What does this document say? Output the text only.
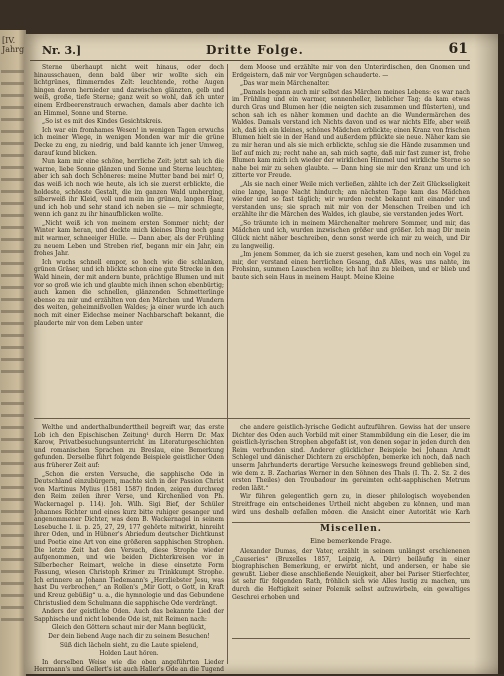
[IV. Jahrg Nr. 3.]	Dritte Folge.	61

Sterne überhaupt nicht weit hinaus, oder doch hinausschauen, denn bald über wir wollte sich ein lichtgrünes, flimmerndes Zelt: leuchtende, rothe Augen hingen davon hernieder und dazwischen glänzten, gelb und weiß, große, tiefe Sterne; ganz weit so wohl, daß ich unter einem Erdbeerenstrauch erwachen, damals aber dachte ich an Himmel, Sonne und Sterne.

„So ist es mit des Kindes Gesichtskreis.

Ich war ein fromhames Wesen! in wenigen Tagen erwuchs ich meiner Wiege, in wenigen Monden war mir die grüne Decke zu eng, zu niedrig, und bald kannte ich jener Umweg, darauf kund blicken.

Nun kam mir eine schöne, herrliche Zeit: jetzt sah ich die warme, liebe Sonne glänzen und Sonne und Sterne leuchten; aber ich sah doch Schöneres: meine Mutter band bei mir! O, das weiß ich noch wie heute, als ich sie zuerst erblickte, die holdeste, schönste Gestalt, die im ganzen Wald umherging, silberweiß ihr Kleid, voll und mein im grünen, langen Haar, und ich hob und sehr stand ich neben sie — mir schmiegte, wenn ich ganz zu ihr hinaufblicken wollte.

„Nicht weiß ich von meinem ersten Sommer nicht; der Winter kam heran, und deckte mich kleines Ding noch ganz mit warmer, schneeiger Hülle. — Dann aber, als der Frühling zu neuem Leben und Streben rief, begann mir ein Jahr, ein frohes Jahr.

Ich wuchs schnell empor, so hoch wie die schlanken, grünen Gräser, und ich blickte schon eine gute Strecke in den Wald hinein, der mit andern bunte, prächtige Blumen und mit vor so groß wie ich und glaubte mich ihnen schon ebenbürtig; auch kamen die schnellen, glänzenden Schmetterlinge ebenso zu mir und erzählten von den Märchen und Wundern des weiten, geheimnißvollen Waldes; ja einer wurde ich auch noch mit einer Eidechse meiner Nachbarschaft bekannt, die plauderte mir von dem Leben unter

dem Moose und erzählte mir von den Unterirdischen, den Gnomen und Erdgeistern, daß mir vor Vergnügen schauderte. —

„Das war mein Märchenalter.

„Damals begann auch mir selbst das Märchen meines Lebens: es war nach im Frühling und ein warmer, sonnenheller, lieblicher Tag; da kam etwas durch Gras und Blumen her (die neigten sich zusammen und flüsterten), und schon sah ich es näher kommen und dachte an die Wundermärchen des Waldes. Damals verstand ich Nichts davon und es war nichts Elfe, aber weiß ich, daß ich ein kleines, schönes Mädchen erblickte; einen Kranz von frischen Blumen hielt sie in der Hand und außerdem pflückte sie neue. Näher kam sie zu mir heran und als sie mich erblickte, schlug sie die Hände zusammen und lief auf mich zu; recht nahe an, sah mich sagte, daß mir fast zumer ist, frohe Blumen kam mich ich wieder der wirklichen Himmel und wirkliche Sterne so nahe bei mir zu sehen glaubte. — Dann hing sie mir den Kranz um und ich zitterte vor Freude.

„Als sie nach einer Weile mich verließen, zählte ich der Zeit Glückseligkeit eine lange, lange Nacht hindurch; am nächsten Tage kam das Mädchen wieder und so fast täglich; wir wurden recht bekannt mit einander und verstanden uns; sie sprach mit mir von der Menschen Treiben und ich erzählte ihr die Märchen des Waldes, ich glaube, sie verstanden jedes Wort.

„So träumte ich in meinem Märchenalter mehrere Sommer, und mir, das Mädchen und ich, wurden inzwischen größer und größer. Ich mag Dir mein Glück nicht näher beschreiben, denn sonst werde ich mir zu weich, und Dir zu langweilig.

„Im jenem Sommer, da ich sie zuerst gesehen, kam und noch ein Vogel zu mir, der verstand einen herrlichen Gesang, daß Alles, was uns nahte, im Frohsinn, summen Lauschen wollte; ich hat ihn zu bleiben, und er blieb und baute sich sein Haus in meinem Haupt. Meine Kleine

Welthe und anderthalbunderttheil begreift war, das erste Lob ich den Epischischen Zeitung¹ durch Herrn Dr. Max Karow, Privatbesuchungsunterricht im Literaturgeschichten und romanischen Sprachen zu Breslau, eine Bemerkung gefunden. Derselbe führt folgende Beispiele geistlicher Oden aus früherer Zeit auf:

„Schon die ersten Versuche, die sapphische Ode in Deutschland einzubürgern, machte sich in der Passion Christ von Martinus Mylius (1581 1587) finden, zeigen durchweg den Reim zeilen ihrer Verse, und Kirchenlied von Ph. Wackernagel p. 114). Joh. Wilh. Sigi Bief, der Schüler Johannes Richter und eines kurz bitte ruhiger gesanger und angenommener Dichter, was dem B. Wackernagel in seinem Lesebuche I. ii. p. 25, 27, 29, 177 gehörte mitwirkt, hinreiht ihrer Oden, und in Hübner's Abriedum deutscher Dichtkunst und Poetie eine Art von eine größeren sapphischen Strophen. Die letzte Zeit hat den Versuch, diese Strophe wieder aufgenommen, und wie beiden Dichterkreisen vor in Silberbecher Reimart, welche in diese einsetzte Form Fassung, wiesen Christoph Krimer zu Trinkkumpt Strophe. Ich erinnere an Johann Tiedemann's „Herzliebster Jesu, was hast Du verbrochen,“ an Rollen's „Mir Gott, o Gott, in Kraft und Kreuz gebüßig“ u. a., die hymnologie und das Gebundene Christuslied dem Schulmann die sapphische Ode verdrängt.

Anders der geistliche Oden. Auch das bekannte Lied der Sapphische und nicht lobende Ode ist, mit Reimen nach:

Gleich den Göttern schaut mir der Mann beglückt,

Der dein liebend Auge nach dir zu seinem Besuchen!

Süß dich lächeln sieht, zu die Laute spielend,

Holden Laut hören.

In derselben Weise wie die oben angeführten Lieder Herrmann's und Gellert's ist auch Haller's Ode an die Tugend

che andere geistlich-lyrische Gedicht aufzuführen. Gewiss hat der unsere Dichter des Oden auch Vorbild mit einer Stammbildung ein die Leser, die im geistlich-lyrischen Strophen abgefaßt ist, von denen sogar in jeden durch den Reim verbunden sind. Anderer glücklicher Beispiele bei Johann Arndt Schlegel und dänischer Dichtern zu erschöpfen, bemerke ich noch, daß nach unserm Jahrhunderts derartige Versuche keineswegs freund geblieben sind, wie dem z. B. Zacharias Werner in den Söhnen des Thals (I. Th. 2. Sz. 2 des ersten Theiles) den Troubadour im gereimten echt-sapphischen Metrum reden läßt.“

Wir führen gelegentlich gern zu, in dieser philologisch woyebenden Streitfrage ein entscheidenes Urtheil nicht abgeben zu können, und man wird uns deshalb gefallen mögen, die Ansicht einer Autorität wie Karh

Miscellen.
Eine bemerkende Frage.

Alexander Dumas, der Vater, erzählt in seinem unlängst erschienenen „Causeries“ (Bruxelles 1857, Leipzig, A. Dürr) beiläufig in einer biographischen Bemerkung, er erwirbt nicht, und andersen, er habe sie gewußt. Lieber diese anschließende Neuigkeit, aber bei Pariser Stierfechter, ist sehr für folgenden Rath, fröhlich sich wie Alles lustig zu machen, um durch die Heftigkeit seiner Polemik selbst aufzuwirbeln, ein gewaltiges Geschrei erhoben und
